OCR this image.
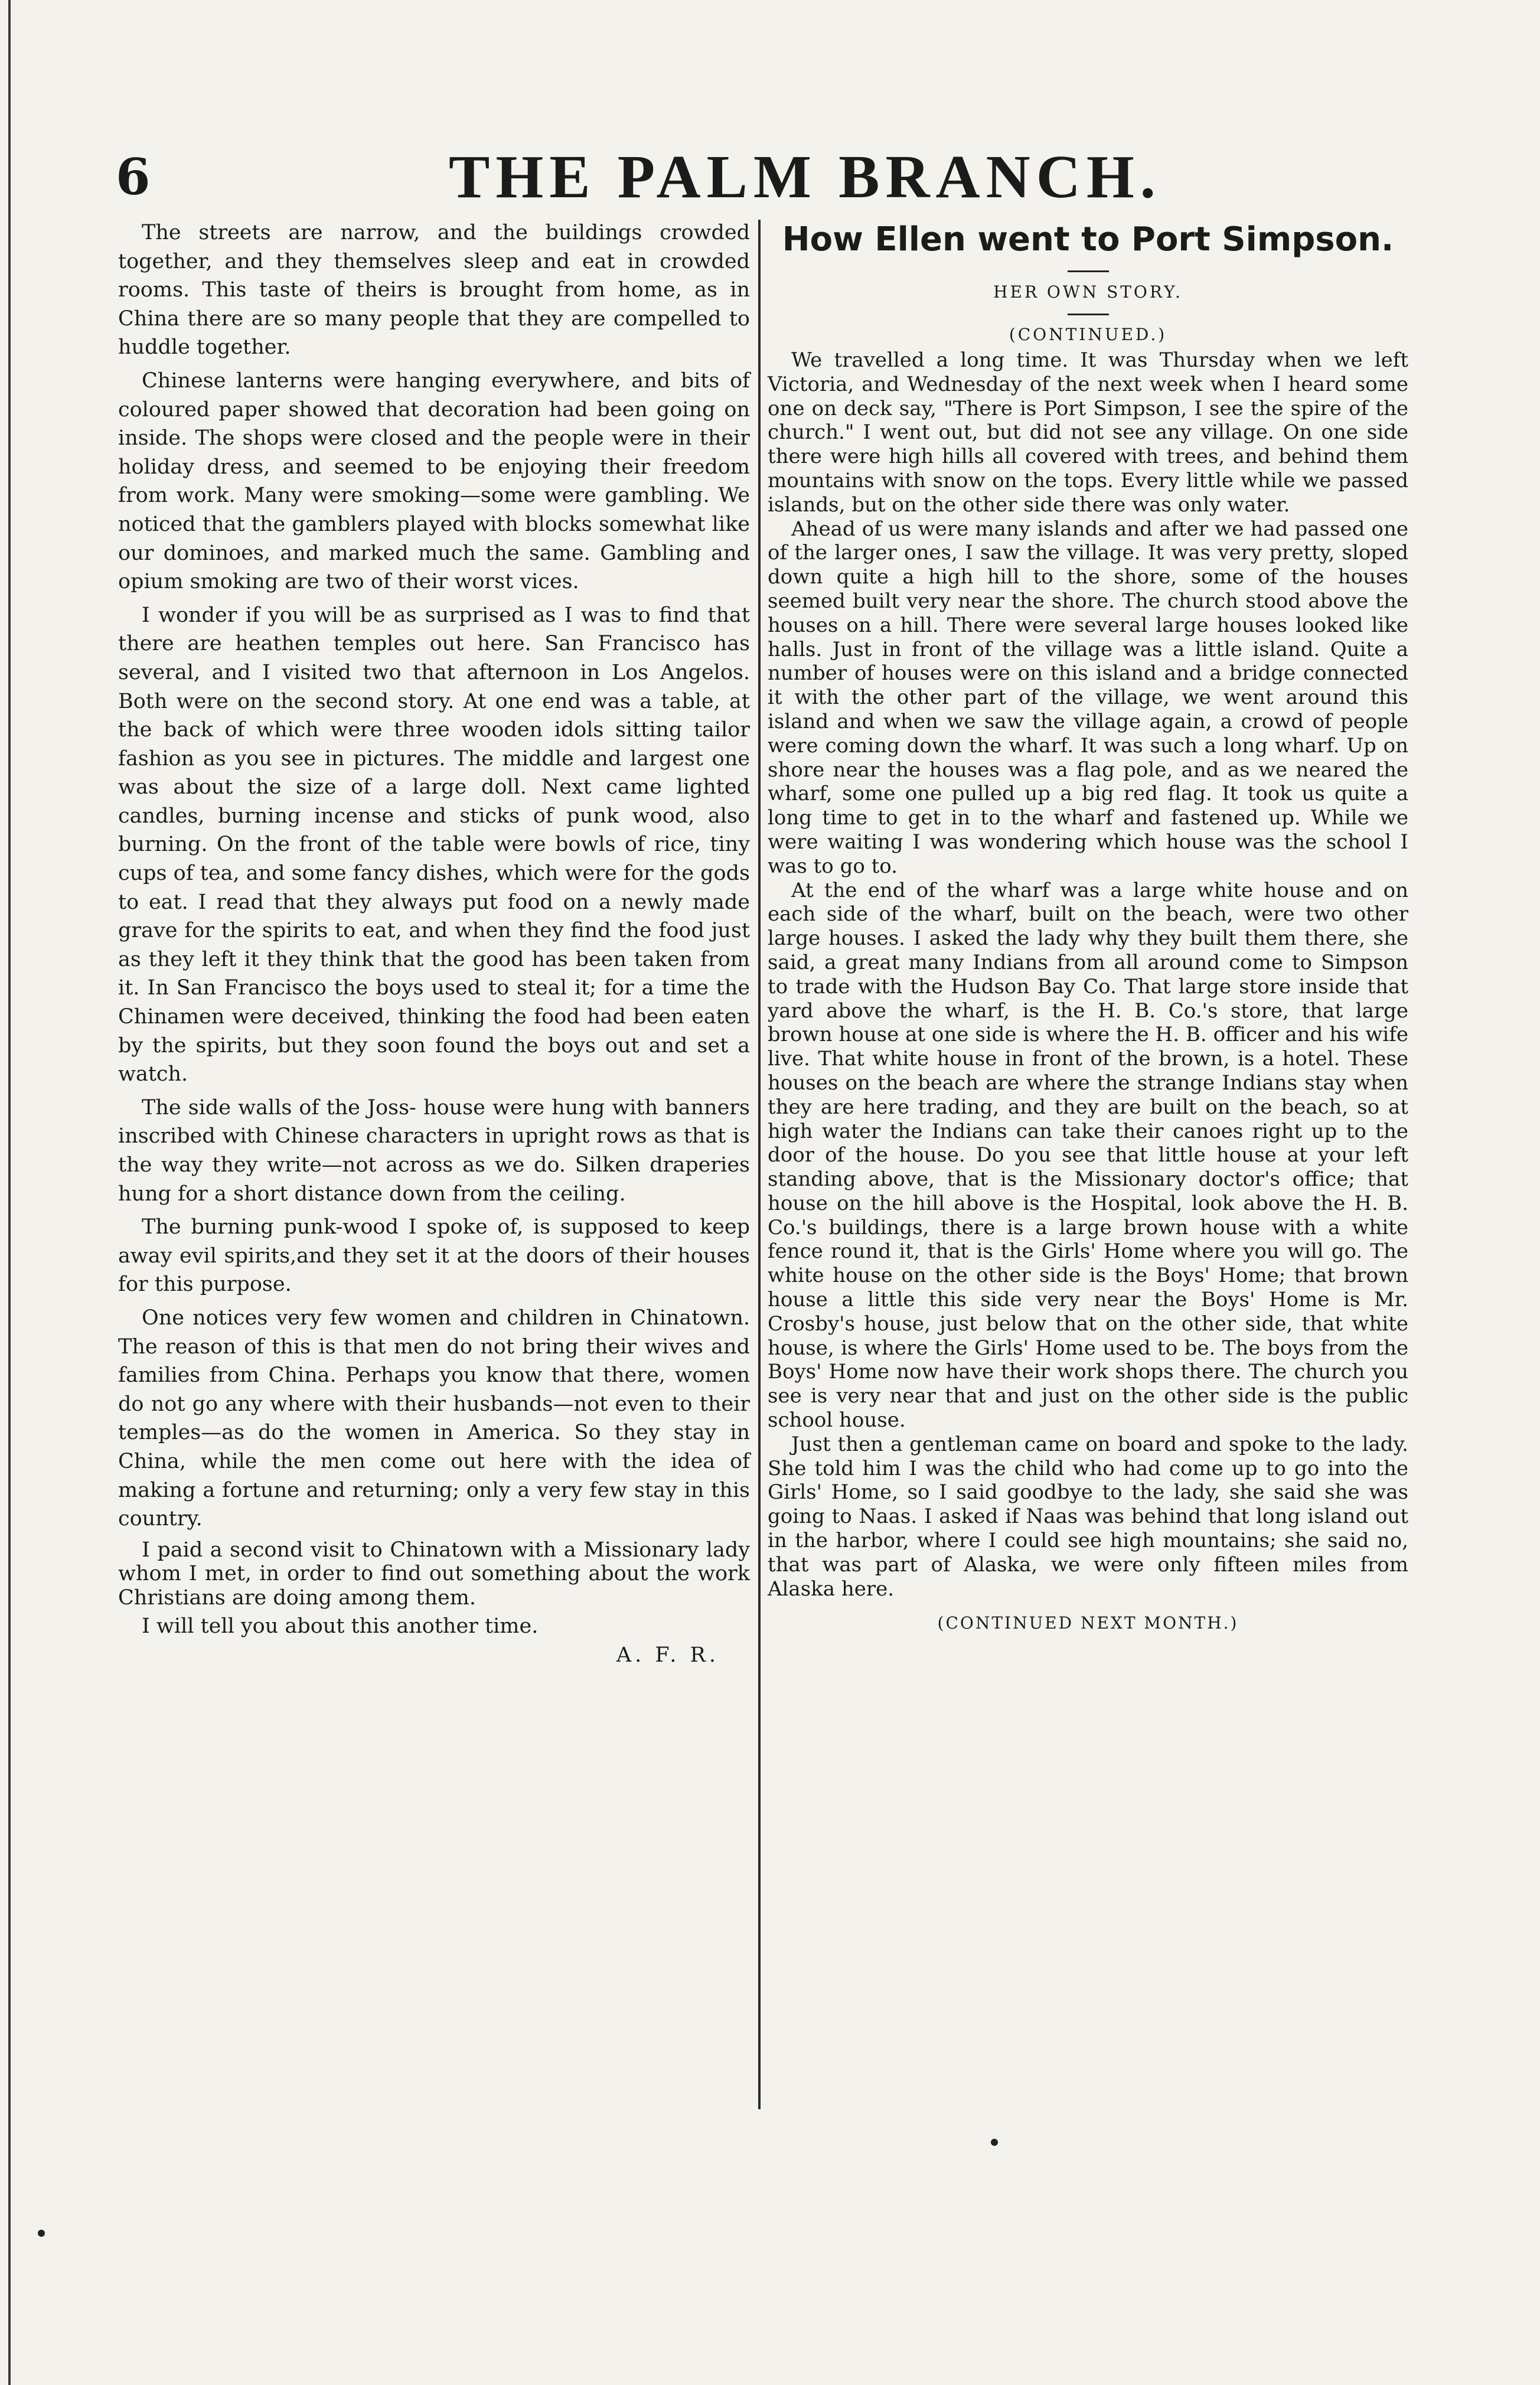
6	THE PALM BRANCH.

The streets are narrow, and the buildings crowded together, and they themselves sleep and eat in crowded rooms. This taste of theirs is brought from home, as in China there are so many people that they are compelled to huddle together.

Chinese lanterns were hanging everywhere, and bits of coloured paper showed that decoration had been going on inside. The shops were closed and the people were in their holiday dress, and seemed to be enjoying their freedom from work. Many were smoking—some were gambling. We noticed that the gamblers played with blocks somewhat like our dominoes, and marked much the same. Gambling and opium smoking are two of their worst vices.

I wonder if you will be as surprised as I was to find that there are heathen temples out here. San Francisco has several, and I visited two that afternoon in Los Angelos. Both were on the second story. At one end was a table, at the back of which were three wooden idols sitting tailor fashion as you see in pictures. The middle and largest one was about the size of a large doll. Next came lighted candles, burning incense and sticks of punk wood, also burning. On the front of the table were bowls of rice, tiny cups of tea, and some fancy dishes, which were for the gods to eat. I read that they always put food on a newly made grave for the spirits to eat, and when they find the food just as they left it they think that the good has been taken from it. In San Francisco the boys used to steal it; for a time the Chinamen were deceived, thinking the food had been eaten by the spirits, but they soon found the boys out and set a watch.

The side walls of the Joss- house were hung with banners inscribed with Chinese characters in upright rows as that is the way they write—not across as we do. Silken draperies hung for a short distance down from the ceiling.

The burning punk-wood I spoke of, is supposed to keep away evil spirits,and they set it at the doors of their houses for this purpose.

One notices very few women and children in Chinatown. The reason of this is that men do not bring their wives and families from China. Perhaps you know that there, women do not go any where with their husbands—not even to their temples—as do the women in America. So they stay in China, while the men come out here with the idea of making a fortune and returning; only a very few stay in this country.

I paid a second visit to Chinatown with a Missionary lady whom I met, in order to find out something about the work Christians are doing among them.

I will tell you about this another time.

A. F. R.
How Ellen went to Port Simpson.
HER OWN STORY.
(CONTINUED.)

We travelled a long time. It was Thursday when we left Victoria, and Wednesday of the next week when I heard some one on deck say, "There is Port Simpson, I see the spire of the church." I went out, but did not see any village. On one side there were high hills all covered with trees, and behind them mountains with snow on the tops. Every little while we passed islands, but on the other side there was only water.

Ahead of us were many islands and after we had passed one of the larger ones, I saw the village. It was very pretty, sloped down quite a high hill to the shore, some of the houses seemed built very near the shore. The church stood above the houses on a hill. There were several large houses looked like halls. Just in front of the village was a little island. Quite a number of houses were on this island and a bridge connected it with the other part of the village, we went around this island and when we saw the village again, a crowd of people were coming down the wharf. It was such a long wharf. Up on shore near the houses was a flag pole, and as we neared the wharf, some one pulled up a big red flag. It took us quite a long time to get in to the wharf and fastened up. While we were waiting I was wondering which house was the school I was to go to.

At the end of the wharf was a large white house and on each side of the wharf, built on the beach, were two other large houses. I asked the lady why they built them there, she said, a great many Indians from all around come to Simpson to trade with the Hudson Bay Co. That large store inside that yard above the wharf, is the H. B. Co.'s store, that large brown house at one side is where the H. B. officer and his wife live. That white house in front of the brown, is a hotel. These houses on the beach are where the strange Indians stay when they are here trading, and they are built on the beach, so at high water the Indians can take their canoes right up to the door of the house. Do you see that little house at your left standing above, that is the Missionary doctor's office; that house on the hill above is the Hospital, look above the H. B. Co.'s buildings, there is a large brown house with a white fence round it, that is the Girls' Home where you will go. The white house on the other side is the Boys' Home; that brown house a little this side very near the Boys' Home is Mr. Crosby's house, just below that on the other side, that white house, is where the Girls' Home used to be. The boys from the Boys' Home now have their work shops there. The church you see is very near that and just on the other side is the public school house.

Just then a gentleman came on board and spoke to the lady. She told him I was the child who had come up to go into the Girls' Home, so I said goodbye to the lady, she said she was going to Naas. I asked if Naas was behind that long island out in the harbor, where I could see high mountains; she said no, that was part of Alaska, we were only fifteen miles from Alaska here.

(CONTINUED NEXT MONTH.)
